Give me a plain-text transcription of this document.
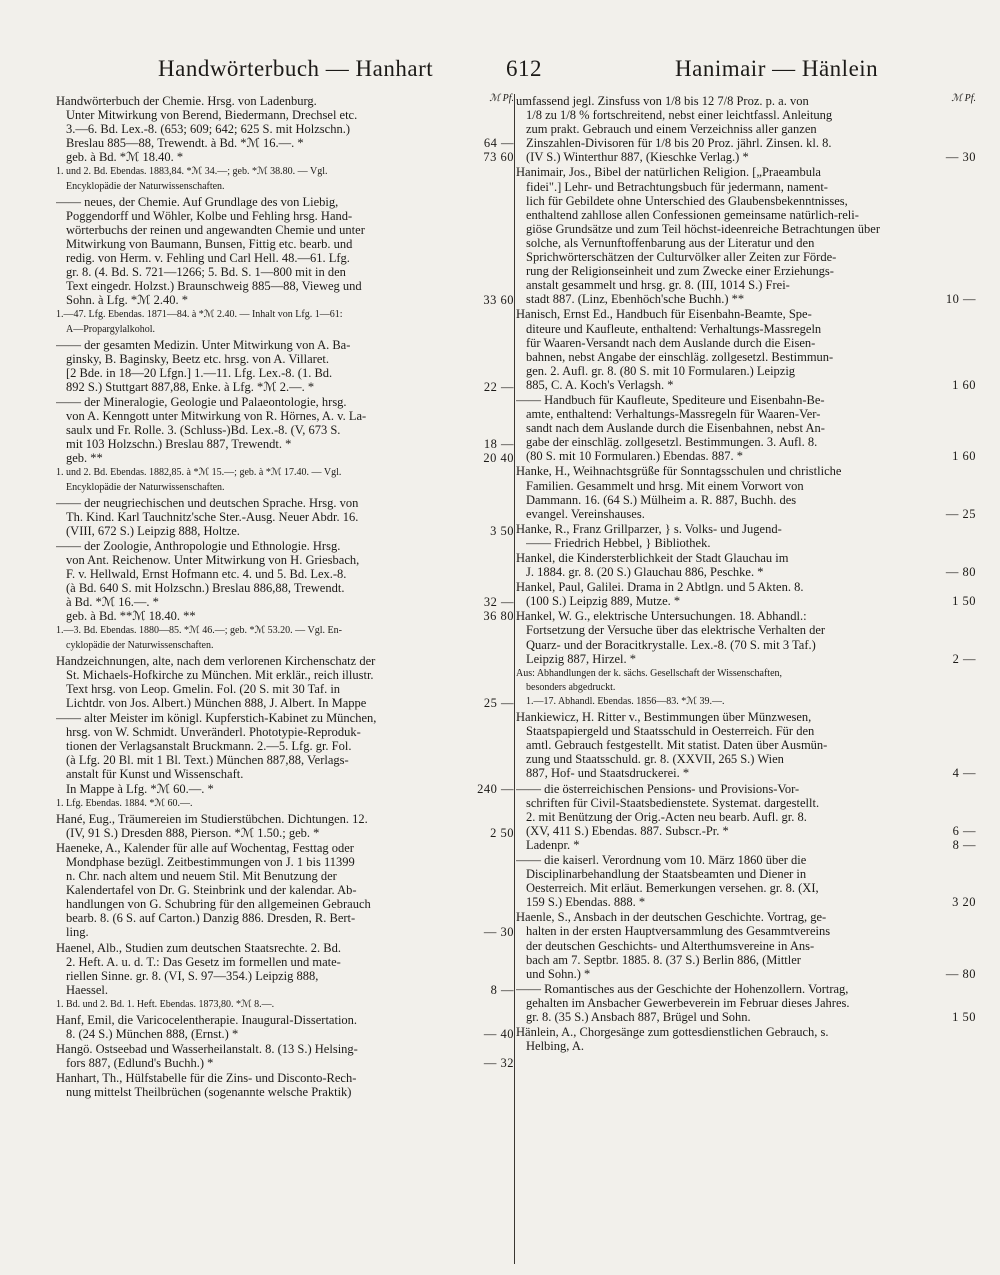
Handwörterbuch — Hanhart	612	Hanimair — Hänlein
ℳ Pf.
Handwörterbuch der Chemie. Hrsg. von Ladenburg.
Unter Mitwirkung von Berend, Biedermann, Drechsel etc.
3.—6. Bd. Lex.-8. (653; 609; 642; 625 S. mit Holzschn.)
Breslau 885—88, Trewendt. à Bd. *ℳ 16.—. *	64 —
geb. à Bd. *ℳ 18.40. *	73 60
1. und 2. Bd. Ebendas. 1883,84. *ℳ 34.—; geb. *ℳ 38.80. — Vgl.
Encyklopädie der Naturwissenschaften.
—— neues, der Chemie. Auf Grundlage des von Liebig,
Poggendorff und Wöhler, Kolbe und Fehling hrsg. Hand-
wörterbuchs der reinen und angewandten Chemie und unter
Mitwirkung von Baumann, Bunsen, Fittig etc. bearb. und
redig. von Herm. v. Fehling und Carl Hell. 48.—61. Lfg.
gr. 8. (4. Bd. S. 721—1266; 5. Bd. S. 1—800 mit in den
Text eingedr. Holzst.) Braunschweig 885—88, Vieweg und
Sohn. à Lfg. *ℳ 2.40. *	33 60
1.—47. Lfg. Ebendas. 1871—84. à *ℳ 2.40. — Inhalt von Lfg. 1—61:
A—Propargylalkohol.
—— der gesamten Medizin. Unter Mitwirkung von A. Ba-
ginsky, B. Baginsky, Beetz etc. hrsg. von A. Villaret.
[2 Bde. in 18—20 Lfgn.] 1.—11. Lfg. Lex.-8. (1. Bd.
892 S.) Stuttgart 887,88, Enke. à Lfg. *ℳ 2.—. *	22 —
—— der Mineralogie, Geologie und Palaeontologie, hrsg.
von A. Kenngott unter Mitwirkung von R. Hörnes, A. v. La-
saulx und Fr. Rolle. 3. (Schluss-)Bd. Lex.-8. (V, 673 S.
mit 103 Holzschn.) Breslau 887, Trewendt. *	18 —
geb. **	20 40
1. und 2. Bd. Ebendas. 1882,85. à *ℳ 15.—; geb. à *ℳ 17.40. — Vgl.
Encyklopädie der Naturwissenschaften.
—— der neugriechischen und deutschen Sprache. Hrsg. von
Th. Kind. Karl Tauchnitz'sche Ster.-Ausg. Neuer Abdr. 16.
(VIII, 672 S.) Leipzig 888, Holtze.	3 50
—— der Zoologie, Anthropologie und Ethnologie. Hrsg.
von Ant. Reichenow. Unter Mitwirkung von H. Griesbach,
F. v. Hellwald, Ernst Hofmann etc. 4. und 5. Bd. Lex.-8.
(à Bd. 640 S. mit Holzschn.) Breslau 886,88, Trewendt.
à Bd. *ℳ 16.—. *	32 —
geb. à Bd. **ℳ 18.40. **	36 80
1.—3. Bd. Ebendas. 1880—85. *ℳ 46.—; geb. *ℳ 53.20. — Vgl. En-
cyklopädie der Naturwissenschaften.
Handzeichnungen, alte, nach dem verlorenen Kirchenschatz der
St. Michaels-Hofkirche zu München. Mit erklär., reich illustr.
Text hrsg. von Leop. Gmelin. Fol. (20 S. mit 30 Taf. in
Lichtdr. von Jos. Albert.) München 888, J. Albert. In Mappe	25 —
—— alter Meister im königl. Kupferstich-Kabinet zu München,
hrsg. von W. Schmidt. Unveränderl. Phototypie-Reproduk-
tionen der Verlagsanstalt Bruckmann. 2.—5. Lfg. gr. Fol.
(à Lfg. 20 Bl. mit 1 Bl. Text.) München 887,88, Verlags-
anstalt für Kunst und Wissenschaft.
In Mappe à Lfg. *ℳ 60.—. *	240 —
1. Lfg. Ebendas. 1884. *ℳ 60.—.
Hané, Eug., Träumereien im Studierstübchen. Dichtungen. 12.
(IV, 91 S.) Dresden 888, Pierson. *ℳ 1.50.; geb. *	2 50
Haeneke, A., Kalender für alle auf Wochentag, Festtag oder
Mondphase bezügl. Zeitbestimmungen von J. 1 bis 11399
n. Chr. nach altem und neuem Stil. Mit Benutzung der
Kalendertafel von Dr. G. Steinbrink und der kalendar. Ab-
handlungen von G. Schubring für den allgemeinen Gebrauch
bearb. 8. (6 S. auf Carton.) Danzig 886. Dresden, R. Bert-
ling.	— 30
Haenel, Alb., Studien zum deutschen Staatsrechte. 2. Bd.
2. Heft. A. u. d. T.: Das Gesetz im formellen und mate-
riellen Sinne. gr. 8. (VI, S. 97—354.) Leipzig 888,
Haessel.	8 —
1. Bd. und 2. Bd. 1. Heft. Ebendas. 1873,80. *ℳ 8.—.
Hanf, Emil, die Varicocelentherapie. Inaugural-Dissertation.
8. (24 S.) München 888, (Ernst.) *	— 40
Hangö. Ostseebad und Wasserheilanstalt. 8. (13 S.) Helsing-
fors 887, (Edlund's Buchh.) *	— 32
Hanhart, Th., Hülfstabelle für die Zins- und Disconto-Rech-
nung mittelst Theilbrüchen (sogenannte welsche Praktik)
ℳ Pf.
umfassend jegl. Zinsfuss von 1/8 bis 12 7/8 Proz. p. a. von
1/8 zu 1/8 % fortschreitend, nebst einer leichtfassl. Anleitung
zum prakt. Gebrauch und einem Verzeichniss aller ganzen
Zinszahlen-Divisoren für 1/8 bis 20 Proz. jährl. Zinsen. kl. 8.
(IV S.) Winterthur 887, (Kieschke Verlag.) *	— 30
Hanimair, Jos., Bibel der natürlichen Religion. [„Praeambula
fidei".] Lehr- und Betrachtungsbuch für jedermann, nament-
lich für Gebildete ohne Unterschied des Glaubensbekenntnisses,
enthaltend zahllose allen Confessionen gemeinsame natürlich-reli-
giöse Grundsätze und zum Teil höchst-ideenreiche Betrachtungen über
solche, als Vernunftoffenbarung aus der Literatur und den
Sprichwörterschätzen der Culturvölker aller Zeiten zur Förde-
rung der Religionseinheit und zum Zwecke einer Erziehungs-
anstalt gesammelt und hrsg. gr. 8. (III, 1014 S.) Frei-
stadt 887. (Linz, Ebenhöch'sche Buchh.) **	10 —
Hanisch, Ernst Ed., Handbuch für Eisenbahn-Beamte, Spe-
diteure und Kaufleute, enthaltend: Verhaltungs-Massregeln
für Waaren-Versandt nach dem Auslande durch die Eisen-
bahnen, nebst Angabe der einschläg. zollgesetzl. Bestimmun-
gen. 2. Aufl. gr. 8. (80 S. mit 10 Formularen.) Leipzig
885, C. A. Koch's Verlagsh. *	1 60
—— Handbuch für Kaufleute, Spediteure und Eisenbahn-Be-
amte, enthaltend: Verhaltungs-Massregeln für Waaren-Ver-
sandt nach dem Auslande durch die Eisenbahnen, nebst An-
gabe der einschläg. zollgesetzl. Bestimmungen. 3. Aufl. 8.
(80 S. mit 10 Formularen.) Ebendas. 887. *	1 60
Hanke, H., Weihnachtsgrüße für Sonntagsschulen und christliche
Familien. Gesammelt und hrsg. Mit einem Vorwort von
Dammann. 16. (64 S.) Mülheim a. R. 887, Buchh. des
evangel. Vereinshauses.	— 25
Hanke, R., Franz Grillparzer, } s. Volks- und Jugend-
—— Friedrich Hebbel, } Bibliothek.
Hankel, die Kindersterblichkeit der Stadt Glauchau im
J. 1884. gr. 8. (20 S.) Glauchau 886, Peschke. *	— 80
Hankel, Paul, Galilei. Drama in 2 Abtlgn. und 5 Akten. 8.
(100 S.) Leipzig 889, Mutze. *	1 50
Hankel, W. G., elektrische Untersuchungen. 18. Abhandl.:
Fortsetzung der Versuche über das elektrische Verhalten der
Quarz- und der Boracitkrystalle. Lex.-8. (70 S. mit 3 Taf.)
Leipzig 887, Hirzel. *	2 —
Aus: Abhandlungen der k. sächs. Gesellschaft der Wissenschaften,
besonders abgedruckt.
1.—17. Abhandl. Ebendas. 1856—83. *ℳ 39.—.
Hankiewicz, H. Ritter v., Bestimmungen über Münzwesen,
Staatspapiergeld und Staatsschuld in Oesterreich. Für den
amtl. Gebrauch festgestellt. Mit statist. Daten über Ausmün-
zung und Staatsschuld. gr. 8. (XXVII, 265 S.) Wien
887, Hof- und Staatsdruckerei. *	4 —
—— die österreichischen Pensions- und Provisions-Vor-
schriften für Civil-Staatsbedienstete. Systemat. dargestellt.
2. mit Benützung der Orig.-Acten neu bearb. Aufl. gr. 8.
(XV, 411 S.) Ebendas. 887. Subscr.-Pr. *	6 —
Ladenpr. *	8 —
—— die kaiserl. Verordnung vom 10. März 1860 über die
Disciplinarbehandlung der Staatsbeamten und Diener in
Oesterreich. Mit erläut. Bemerkungen versehen. gr. 8. (XI,
159 S.) Ebendas. 888. *	3 20
Haenle, S., Ansbach in der deutschen Geschichte. Vortrag, ge-
halten in der ersten Hauptversammlung des Gesammtvereins
der deutschen Geschichts- und Alterthumsvereine in Ans-
bach am 7. Septbr. 1885. 8. (37 S.) Berlin 886, (Mittler
und Sohn.) *	— 80
—— Romantisches aus der Geschichte der Hohenzollern. Vortrag,
gehalten im Ansbacher Gewerbeverein im Februar dieses Jahres.
gr. 8. (35 S.) Ansbach 887, Brügel und Sohn.	1 50
Hänlein, A., Chorgesänge zum gottesdienstlichen Gebrauch, s.
Helbing, A.
